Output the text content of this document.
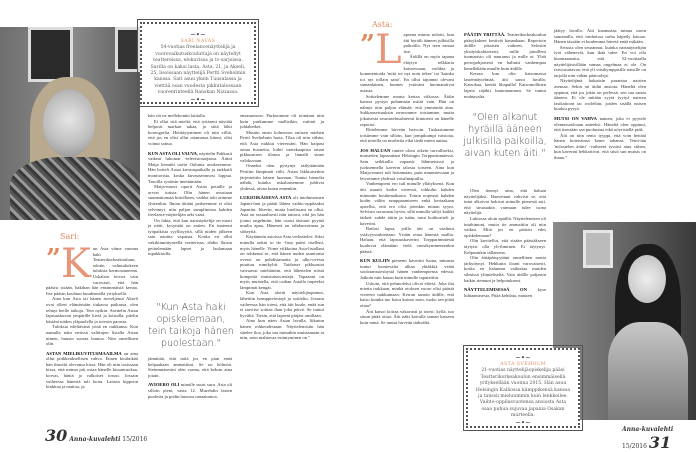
~•~
SARI NAVAS
54-vuotias freelancenäyttelijä ja vuorovaikutuskouluttaja on näytellyt teattereissa, elokuvissa ja tv-sarjoissa. Sarilla on kaksi lasta, Asta, 21, ja Akseli, 25, lisoissaan näyttelijä Pertti Sveholmin kanssa. Sari asuu yksin Tuusulassa ja viettää osan vuodesta pikkutalossaan vuorenrinteellä Ranskan Nizzassa.
~•~

hän söi ne mellekontin lattialla.

Ei ollut sitä mieltä, että tyttäreni näyttää helposti markan takaa, ja siitä lähti koreografia. Heittäytyminen oli niin villiä, että jos en olisi ollut ottamassa kiinni, olisi voinut sattua.

KUN ASTA OLI VAUVA, näyttelin Pahkasit vaikeat lukomat -televisiosarjassa. Äitini Maija kenaitti usein Oulunta avukseemme. Hän hoiteli Astaa kuvauspaikalla ja tarkkaili monitorista, koska kuvauseonnosi loppua. Tasoilla ryntäsin imettämään.

Maija-muori oporti Astan potaille ja orvon tutista. Olin hänen avustaan suunnattoman kiitollinen, vaikka toki otimme yhteenkin. Ilman äitiäni perheemme ei olisi selvinnyt, niin paljon sumplimista kahden freelance-näyttelijän arki vaati.

On fakta, että kun naisnäyttelijä on nuori ja nätti, kysyntää on eniten. En tuntenut työpaikista syyllisyyttä, sillä niiden jälkeen sain nauttia vapaista. Koska en ollut vakikiinnittyneellä teatterissa, ehdin lluisin peittelemään lapset ja laulamaan tupakkirulla.

"Kun Asta haki opiskelemaan, tein taikoja hänen puolestaan."

jännittää, että mitä jos en pian enää kelpaakaan ammattiini. Se on hölmöä. Steinmnäsesini olen varma, että keksin aina jotain.

AVIOERO OLI minulle suuri suru. Asta oli silloin pieni, vasta 12. Murehdin lasten puolesta ja podin huonoa omaatuntoa.

ensasuntoon. Purkuomme oli toiminut niin kuin purkumme mallisikin, rutiinit ja juhlahetket.

Muutin ensin kolmeoon entisen miehen Pertti Sveholmin luota. Tilaa oli niin vähän, että Asta nukkui vieressäni. Hän kaipasi omaa huonetta, loihti vaatekaapista oman pikkuruisen tilansa ja linnalli sinne valokuvaan.

Onneksi olen pystynyt säilyttämään Perttiin lämpimät välit. Astan läkkiuisetkin järjestettiin hänen luonaan. Tuntui hienolta nähdä, kuinka uskaliaisemme juhlivat yhdessä, aivan kuten ennenkin.

LUKIOIKÄISENÄ ASTA oli intohimoinen Japani-fani ja päätti lähtea vaihto-oppilaaksi Japaniin. Itkevin, mutta huolissani en ollut. Asta on sosiaalisesti niin taitava, että jos hän joutui ongelmiin, hän osaisi tästuuti pyytää muilta apua. Häneseä on tahdonvoimaa ja sitkeyttä.

Käytännön asioissa Asta verkuttelee. Siksi minulla onkin to do -lista paitsi itselleni, myös hänelle. Viime viikkoina Asta-listallani on rohkenut se, että hänen uuden asuntonsa ovessi on puhdistamatta ja ulko-ovesta puuttuu nimikyltti. Taidaiset pikkuasiat vaivaavat mielttäniin, että lähettelen niistä kompeitä muistutusviestejä. Tapaanni on myös muistella, että osihan Astalla tarpeeksi lämpimät kengät.

Kun Asta aloitti näyttelijäopinnot, lähettiin tsemppiviestejä ja soittelin. Jossain vaiheessa hän totesi, että äiti kuule, enää sun ei tarvitse soittaa ihan joka päivä. Se tuntui hyvältä. Tiesin, että lapseni pärjäsi omillaan.

Aina kun näen Astan lavalla, liikutun hänen rohkeudestaan. Näyttelemisiin hän sätelee iloa, joka saa minutkin muistamaan ai niin, noin mahtavaa esiintyminen on."

Sari:
” K un Asta viime vuonna haki Teatterikorkeakouluun, odotin valintakokeen tuloksia hermostuneena. Uskalsin toivoa vain varovasti, että hän pääsisi sisään, hakihan hän ensimmäistä kertaa. Itse pääsin kouluun kuudennella yrityksellä.

Aina kun Asta tai hänen isoveljensä Akseli ovat olleet elämässään tiukassa paikassa, olen tehnyt heille taikoja. Tein nytkin. Asettelin Astan lapsuuskuvan ympärille kiviä ja kristalla, pitelin käsiäni niiden yläpuolella ja toivoin parasta.

Tuloksia edeltävänä yönä en nukkunut. Kun aamulla näin netissä valittujen listalla Astan nimen, huusin suoraa huutoa. Niin onnellinen olin.

ASTAN MIELIKUVITUSMAAILMA on aina ollut poikkeuksellisen vahva. Ennen kouluikää hän ilmoitti olevansa kissa. Hän oli niin tosissaan kissa, että minun piti ostaa hänelle kissanruokaa, korvat, häntä ja valkoiset tossut. Jossain vaiheessa hänestä tuli koira. Laitoin kippoon kinkkua ja maitoa, ja

30 Anna-kuvalehti 15/2016
Asta:
” L apsena minua nolotti, kun äiti hyräili ääneen julkisilla paikoilla. Nyt teen samaa itse.

Äidillä on myös tapana eläytyä telkkaria katsoessaan, voihkia ja kommentoida 'mitä toi nyt noin tekee' tai 'kuinka toi nyt tollain sano'. En ollut tajunnut olevani samanlainen, kunnes ystäväni huomauttivat asiasta.

Soittelemme monta kertaa viikossa. Äidin kanssa pystyn puhumaan mistä vain. Hän on nähnyt niin paljon elämää, että ymmärtää aina. Sukkanseisuuksin neuvomme toisiamme, mutta jokaisesta seurustelusuhteesti kiintoesti on hänelle raportoi.

Riitelemme hirveän harvoin. Tuskastumme toisiimme vain silloin, kun jompikumpi vaistoaa, että toisella on murheita eikä tiedä miten auttaa.

JOS HALUAN tuntea oloni oikein turvalliseksi, muistelen lapsuuttani Helsingin Torpparinmäessä. Sain seikkailla vapaasti lähimetsissä ja juoksennella kaverin talosta toiseen. Aina kun Maija-muori tuli hoitamaan, puin muumiessaan ja leivoimme yhdessä voisilmäpullia.

Vanhempieni ero tuli minulle yllätyksenä. Kun äiti muutti kodin vieressä, tohkulin kahden minuutin koulumatkasta. Totuin nopeasti kahden kodin väliin rumppaamiseen enkä kertaakaan ajatellut, että ero olisi jotenkin minun syyni. Selvisin sorastaan hyvin, sillä minulla säilyi kaikki tärkeä: suhde äitiin ja isään, tutut kotikortteli ja kaverini.

Bailasi lapsa, joilla äiti on vaalinut ystävyyssuhteitaan. Yritän ottaa hänestä mallia. Haluan, että lapsuuskaverini Torpparinmäestä kuuluvat elämääni vielä vuosikymmentenkin päästä.

KUN KULJIN pienemi kaverini luona, minusta tuntui loontevalta alkaa yhtäkkiä vetää soolotanssiesitystä hänen vanhempiensa edessä. Jatkoin niin kauan kuin minulle taputettiin.

Uskoin, että pehmolelut olivat eläviä. Joka ilta mietin tarkkaan, minkä otoksen vuoro olisi päästä viereeni nukkumaan. Kerran sanoin äidille, että katso kuinka tuo koira katsoo noin, tuoko sen pitää ottaa?

Äiti katsoi koiraa vakavasti ja totesi: kyllä, tuo sinun pitää ottaa. Äiti näki koiralla saman katseen kuin minä. Se tuntui hirveän tärkeältä.

PÄÄTIN YRITTÄÄ. Teatterikorkeakoulun pääsykokeet kestivät kauankaan. Raportoin äidille jokaisen vaiheen. Selostin yksityiskohtaisesti, mille jutuilleni tuomaristo oli nauranut ja mille ei. Yhtä periopohjaisesti en haltuisi vanhempaa kenellekään muulle kuin äidille.

Kerran kun olin katsomassa lastennäytelmää, äiti sanoi lavalla: Katsokaa, kenttä lihapulla! Katsomollinen lapsia räjähti huutonauruun. Se tuntui mahtavalta.

"Olen alkanut hyräillä ääneen julkisilla paikoilla, aivan kuten äiti."

Olen tiennyt aina, että haluan näyttelijäksi. Haaveitani vahvisti se, että tutut alkoivat hokivat minulle pienestä asti, että sinustakin varmaan tulee isona näyttelijä.

Lukiossa aloin epäillä. Näyttelemisen oli intohimoni, mutta tie ammattiin oli niin vaikea. Mitä jos en pääsisi edes opiskelemaan?

Olin kuvitellut, että sisään päästäkseen täytyisi olla yli-ihminen. Ei täytynyt. Kelpasinkin tällaisena.

Olin äitiäpäisyyttäni onnellinen mutta järkyttynyt. Hehkutin iloani varovaisesti, koska en halunnut vaikuttaa muiden silmissä ylimieliseltä. Vain äidille paljastin kaikin riemuni ja helpotukseni.

NÄYTTELEMISESSÄ ON kyse luhtaamisesta. Pitää kehdata, muuten

jäätyy lavalla. Äiti kannustaa minua usein sanomalla, että vanhoissa turha häpeily katoaa. Hänen iässään ei kuulemma hävetä enää mikään.

Sivusta olen seurannut, kuinka naisnäyttelijän työt vähenevät, kun ikää tulee. En voi olla huomaamatta, että 52-vuotiaalla näyttelijäsisillään samaa ongelmaa ei ole. On raivostuttavaa, että yli viisikymppisille naisille on tarjolla niin vähän päärooleja.

Näyttelijänä haluaisin parantaa naisten asemaa. Sekin on äidin ansiota. Häneltä olen oppinut, että jos jokin on pielessä, sen saa sanoa ääneen. Ei ole mitään syytä tyytyä naisten lasikattoon tai rooleihin, joiden sisällä naisen kuuluu pysyä.

MUTSI ON VAHVA nainen, joka ei pyytele olemassaoloaan anteeksi. Häneltä olen oppinut, että itsestään saa puoluutua eikä nöyristellä pidä.

Äiti on niin rento tyyppi, että voin heittää hänen hoteisiinsa kenet tahansa. Teini-iän 'nolostelen äitini' -vaiheeni tyssäsi aina siihen, kun kaverini hehkottivat, että sitsit sun mutsis on ihana."

~•~
ASTA SVEHOLM
21-vuotias näyttelijäopiskelija pääsi Teatterikorkeakoulun ensimmäisellä yrityksellään vuonna 2015. Hän asuu Helsingin Kalliossa kämppikensä kanssa ja tanssii mieluummin kuin lenkkeilee. Vaihto-oppilasvuotensa ansiosta Asta osaa puhua sujuvaa japania Osakan murteella.
~•~
Anna-kuvalehti 15/2016 31
